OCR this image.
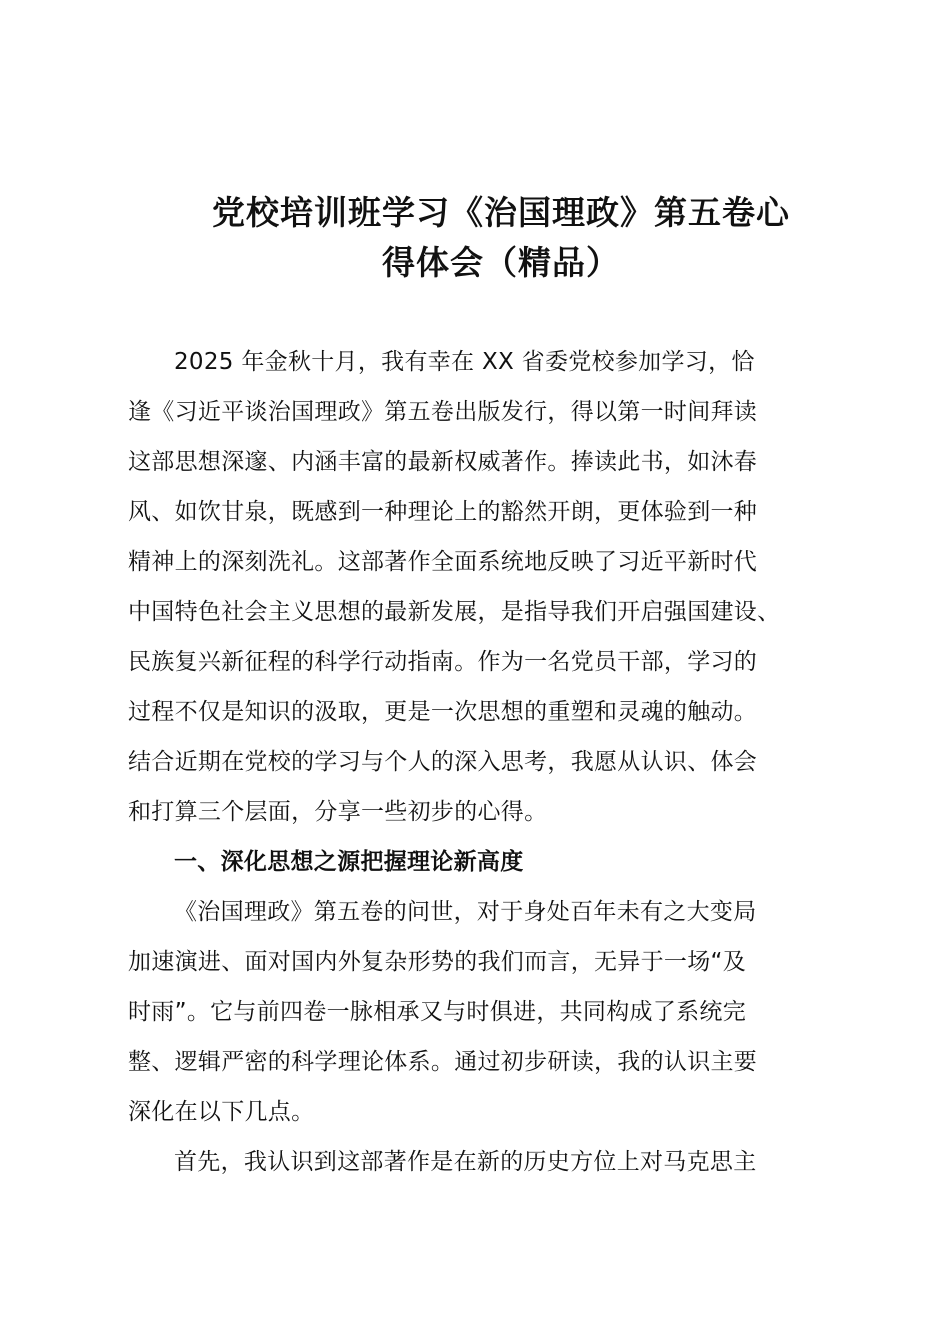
党校培训班学习《治国理政》第五卷心
得体会（精品）

2025 年金秋十月，我有幸在 XX 省委党校参加学习，恰
逢《习近平谈治国理政》第五卷出版发行，得以第一时间拜读
这部思想深邃、内涵丰富的最新权威著作。捧读此书，如沐春
风、如饮甘泉，既感到一种理论上的豁然开朗，更体验到一种
精神上的深刻洗礼。这部著作全面系统地反映了习近平新时代
中国特色社会主义思想的最新发展，是指导我们开启强国建设、
民族复兴新征程的科学行动指南。作为一名党员干部，学习的
过程不仅是知识的汲取，更是一次思想的重塑和灵魂的触动。
结合近期在党校的学习与个人的深入思考，我愿从认识、体会
和打算三个层面，分享一些初步的心得。

一、深化思想之源把握理论新高度

《治国理政》第五卷的问世，对于身处百年未有之大变局
加速演进、面对国内外复杂形势的我们而言，无异于一场“及
时雨”。它与前四卷一脉相承又与时俱进，共同构成了系统完
整、逻辑严密的科学理论体系。通过初步研读，我的认识主要
深化在以下几点。

首先，我认识到这部著作是在新的历史方位上对马克思主
